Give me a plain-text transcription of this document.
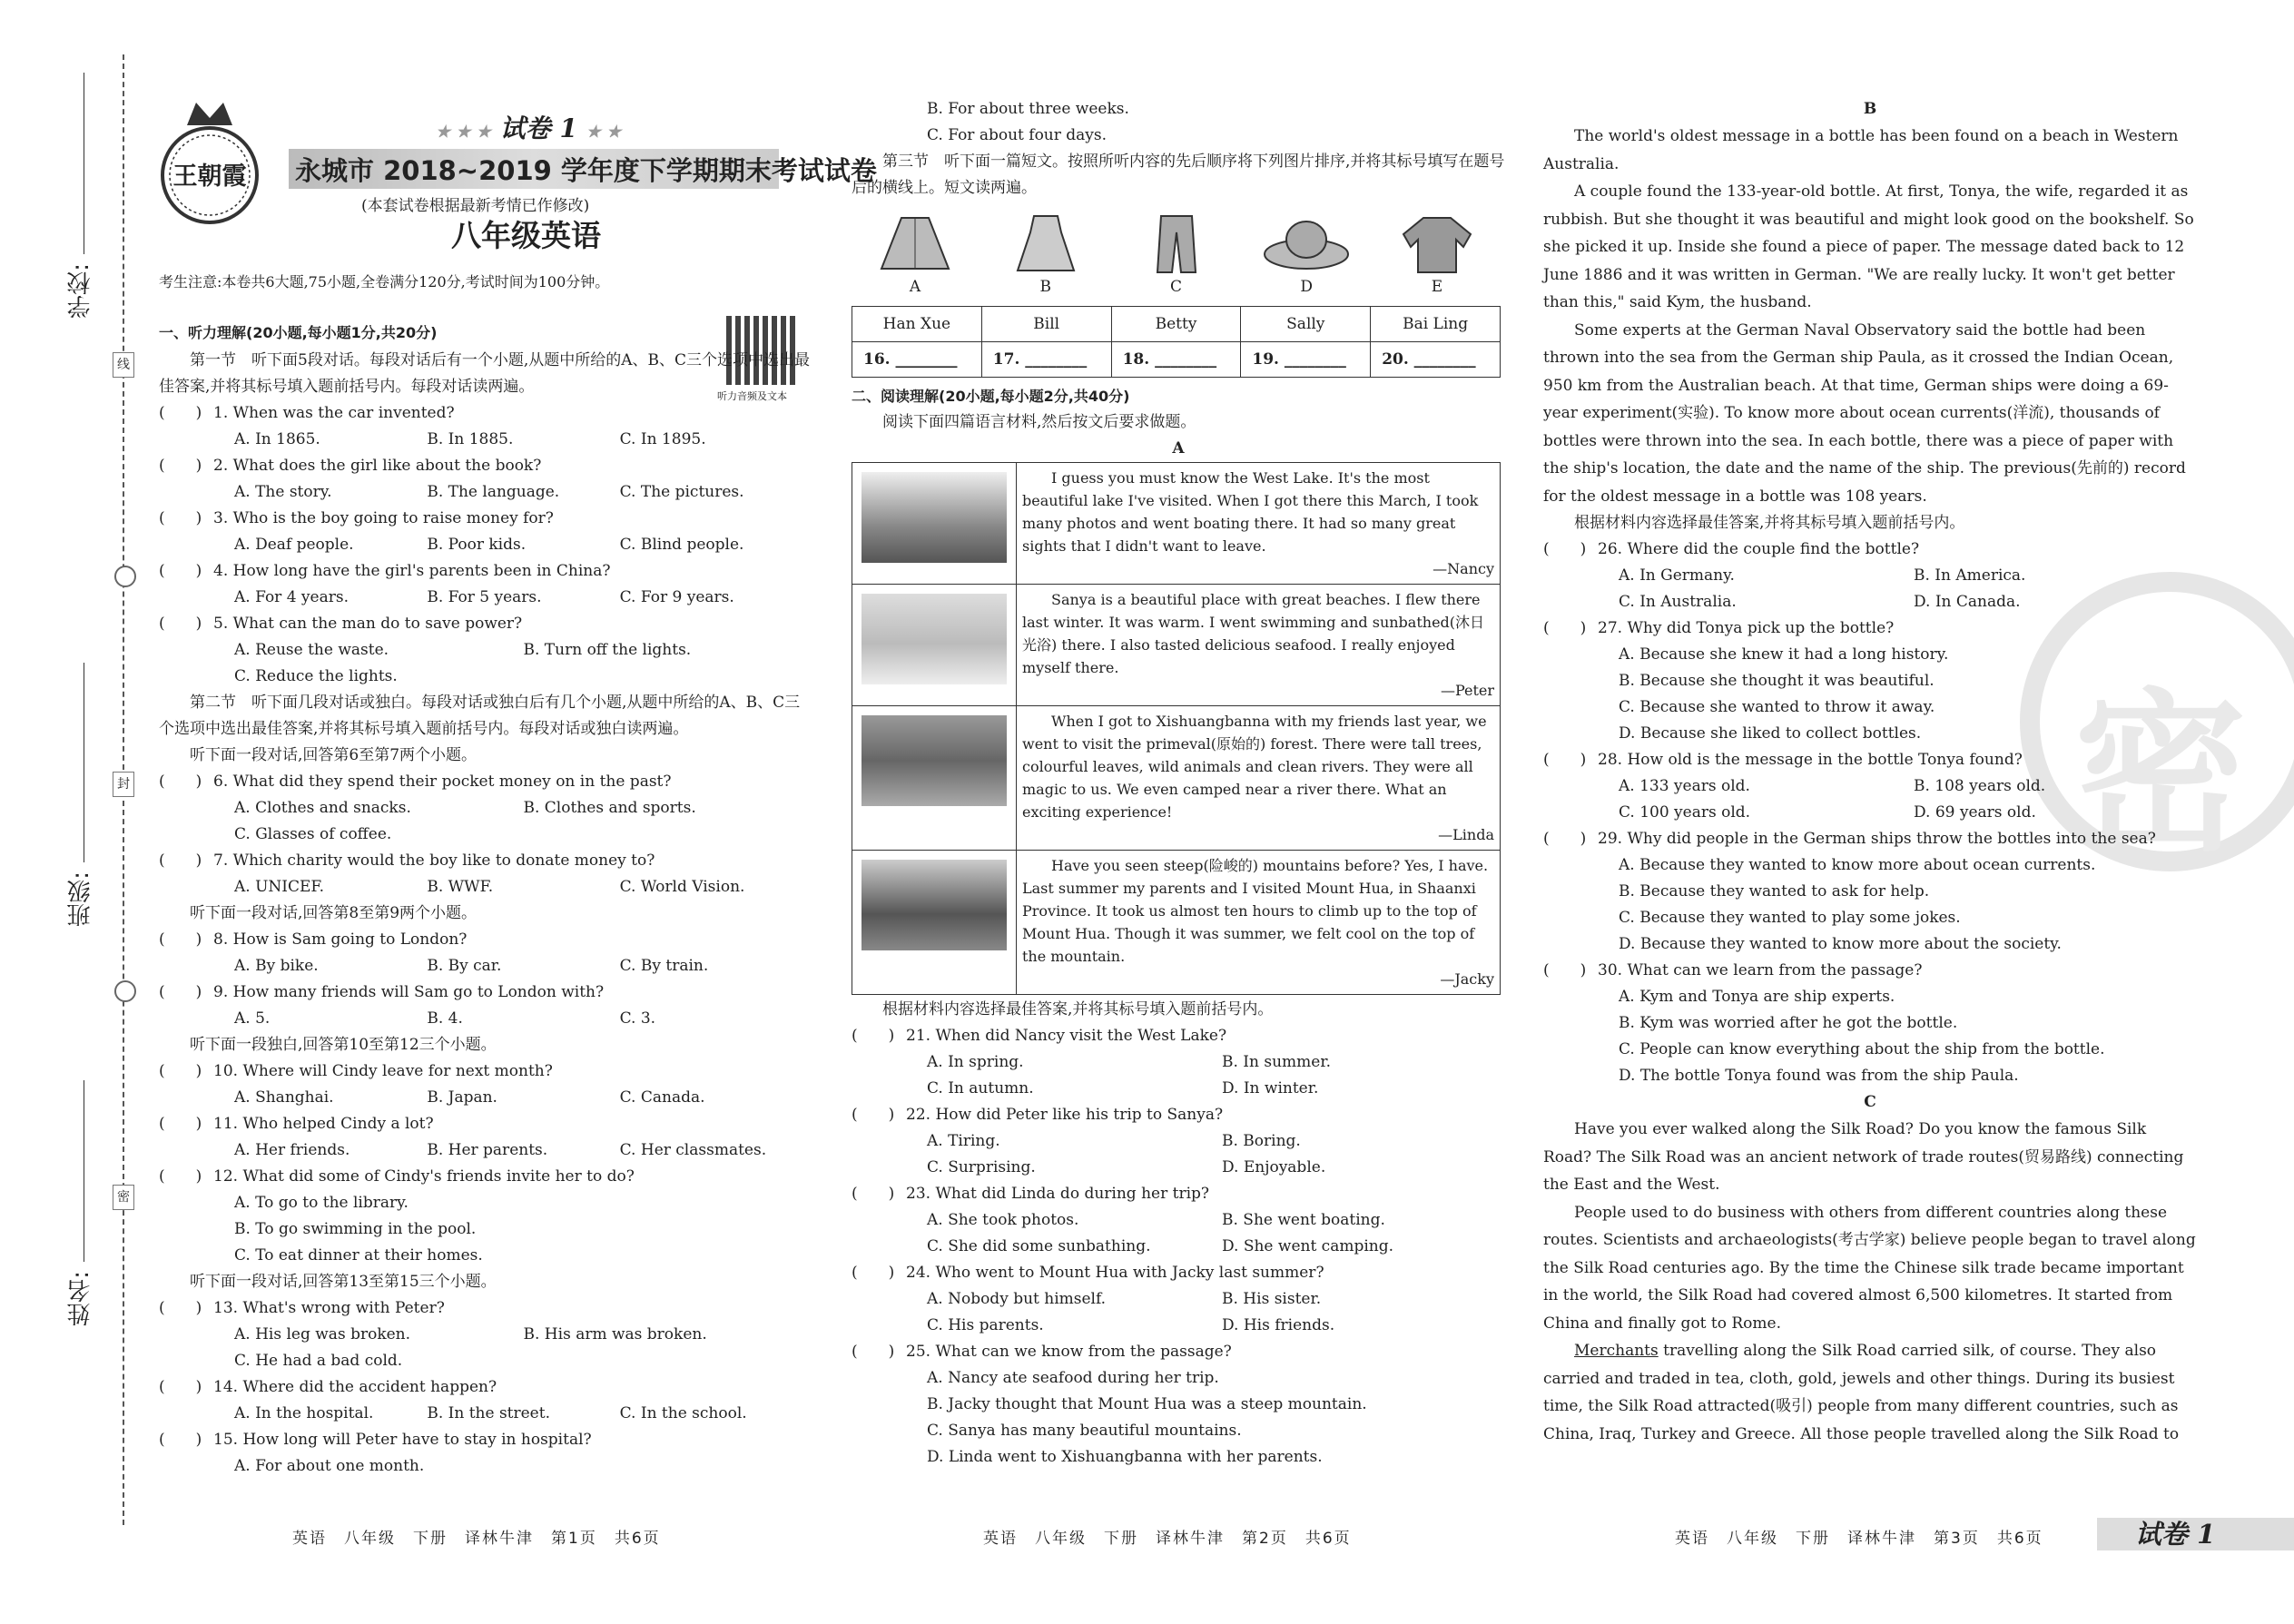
学校:
班级:
姓名:
线
封
密
王朝霞
★ ★ ★ 试卷 1 ★ ★
永城市 2018~2019 学年度下学期期末考试试卷
(本套试卷根据最新考情已作修改)
八年级英语
考生注意:本卷共6大题,75小题,全卷满分120分,考试时间为100分钟。
听力音频及文本
一、听力理解(20小题,每小题1分,共20分)
第一节　听下面5段对话。每段对话后有一个小题,从题中所给的A、B、C三个选项中选出最佳答案,并将其标号填入题前括号内。每段对话读两遍。
(　　) 1. When was the car invented?
A. In 1865.	B. In 1885.	C. In 1895.
(　　) 2. What does the girl like about the book?
A. The story.	B. The language.	C. The pictures.
(　　) 3. Who is the boy going to raise money for?
A. Deaf people.	B. Poor kids.	C. Blind people.
(　　) 4. How long have the girl's parents been in China?
A. For 4 years.	B. For 5 years.	C. For 9 years.
(　　) 5. What can the man do to save power?
A. Reuse the waste.	B. Turn off the lights.
C. Reduce the lights.
第二节　听下面几段对话或独白。每段对话或独白后有几个小题,从题中所给的A、B、C三个选项中选出最佳答案,并将其标号填入题前括号内。每段对话或独白读两遍。
听下面一段对话,回答第6至第7两个小题。
(　　) 6. What did they spend their pocket money on in the past?
A. Clothes and snacks.	B. Clothes and sports.
C. Glasses of coffee.
(　　) 7. Which charity would the boy like to donate money to?
A. UNICEF.	B. WWF.	C. World Vision.
听下面一段对话,回答第8至第9两个小题。
(　　) 8. How is Sam going to London?
A. By bike.	B. By car.	C. By train.
(　　) 9. How many friends will Sam go to London with?
A. 5.	B. 4.	C. 3.
听下面一段独白,回答第10至第12三个小题。
(　　) 10. Where will Cindy leave for next month?
A. Shanghai.	B. Japan.	C. Canada.
(　　) 11. Who helped Cindy a lot?
A. Her friends.	B. Her parents.	C. Her classmates.
(　　) 12. What did some of Cindy's friends invite her to do?
A. To go to the library.
B. To go swimming in the pool.
C. To eat dinner at their homes.
听下面一段对话,回答第13至第15三个小题。
(　　) 13. What's wrong with Peter?
A. His leg was broken.	B. His arm was broken.
C. He had a bad cold.
(　　) 14. Where did the accident happen?
A. In the hospital.	B. In the street.	C. In the school.
(　　) 15. How long will Peter have to stay in hospital?
A. For about one month.
B. For about three weeks.
C. For about four days.
第三节　听下面一篇短文。按照所听内容的先后顺序将下列图片排序,并将其标号填写在题号后的横线上。短文读两遍。
A	B	C	D	E
Han Xue	Bill	Betty	Sally	Bai Ling
16. ________	17. ________	18. ________	19. ________	20. ________
二、阅读理解(20小题,每小题2分,共40分)
阅读下面四篇语言材料,然后按文后要求做题。
A

	I guess you must know the West Lake. It's the most beautiful lake I've visited. When I got there this March, I took many photos and went boating there. It had so many great sights that I didn't want to leave.
—Nancy

	Sanya is a beautiful place with great beaches. I flew there last winter. It was warm. I went swimming and sunbathed(沐日光浴) there. I also tasted delicious seafood. I really enjoyed myself there.
—Peter

	When I got to Xishuangbanna with my friends last year, we went to visit the primeval(原始的) forest. There were tall trees, colourful leaves, wild animals and clean rivers. They were all magic to us. We even camped near a river there. What an exciting experience!
—Linda

	Have you seen steep(险峻的) mountains before? Yes, I have. Last summer my parents and I visited Mount Hua, in Shaanxi Province. It took us almost ten hours to climb up to the top of Mount Hua. Though it was summer, we felt cool on the top of the mountain.
—Jacky
根据材料内容选择最佳答案,并将其标号填入题前括号内。
(　　) 21. When did Nancy visit the West Lake?
A. In spring.	B. In summer.
C. In autumn.	D. In winter.
(　　) 22. How did Peter like his trip to Sanya?
A. Tiring.	B. Boring.
C. Surprising.	D. Enjoyable.
(　　) 23. What did Linda do during her trip?
A. She took photos.	B. She went boating.
C. She did some sunbathing.	D. She went camping.
(　　) 24. Who went to Mount Hua with Jacky last summer?
A. Nobody but himself.	B. His sister.
C. His parents.	D. His friends.
(　　) 25. What can we know from the passage?
A. Nancy ate seafood during her trip.
B. Jacky thought that Mount Hua was a steep mountain.
C. Sanya has many beautiful mountains.
D. Linda went to Xishuangbanna with her parents.
密
B
The world's oldest message in a bottle has been found on a beach in Western Australia.
A couple found the 133-year-old bottle. At first, Tonya, the wife, regarded it as rubbish. But she thought it was beautiful and might look good on the bookshelf. So she picked it up. Inside she found a piece of paper. The message dated back to 12 June 1886 and it was written in German. "We are really lucky. It won't get better than this," said Kym, the husband.
Some experts at the German Naval Observatory said the bottle had been thrown into the sea from the German ship Paula, as it crossed the Indian Ocean, 950 km from the Australian beach. At that time, German ships were doing a 69-year experiment(实验). To know more about ocean currents(洋流), thousands of bottles were thrown into the sea. In each bottle, there was a piece of paper with the ship's location, the date and the name of the ship. The previous(先前的) record for the oldest message in a bottle was 108 years.
根据材料内容选择最佳答案,并将其标号填入题前括号内。
(　　) 26. Where did the couple find the bottle?
A. In Germany.	B. In America.
C. In Australia.	D. In Canada.
(　　) 27. Why did Tonya pick up the bottle?
A. Because she knew it had a long history.
B. Because she thought it was beautiful.
C. Because she wanted to throw it away.
D. Because she liked to collect bottles.
(　　) 28. How old is the message in the bottle Tonya found?
A. 133 years old.	B. 108 years old.
C. 100 years old.	D. 69 years old.
(　　) 29. Why did people in the German ships throw the bottles into the sea?
A. Because they wanted to know more about ocean currents.
B. Because they wanted to ask for help.
C. Because they wanted to play some jokes.
D. Because they wanted to know more about the society.
(　　) 30. What can we learn from the passage?
A. Kym and Tonya are ship experts.
B. Kym was worried after he got the bottle.
C. People can know everything about the ship from the bottle.
D. The bottle Tonya found was from the ship Paula.
C
Have you ever walked along the Silk Road? Do you know the famous Silk Road? The Silk Road was an ancient network of trade routes(贸易路线) connecting the East and the West.
People used to do business with others from different countries along these routes. Scientists and archaeologists(考古学家) believe people began to travel along the Silk Road centuries ago. By the time the Chinese silk trade became important in the world, the Silk Road had covered almost 6,500 kilometres. It started from China and finally got to Rome.
Merchants travelling along the Silk Road carried silk, of course. They also carried and traded in tea, cloth, gold, jewels and other things. During its busiest time, the Silk Road attracted(吸引) people from many different countries, such as China, Iraq, Turkey and Greece. All those people travelled along the Silk Road to
英语　八年级　下册　译林牛津　第1页　共6页	英语　八年级　下册　译林牛津　第2页　共6页	英语　八年级　下册　译林牛津　第3页　共6页	试卷 1
